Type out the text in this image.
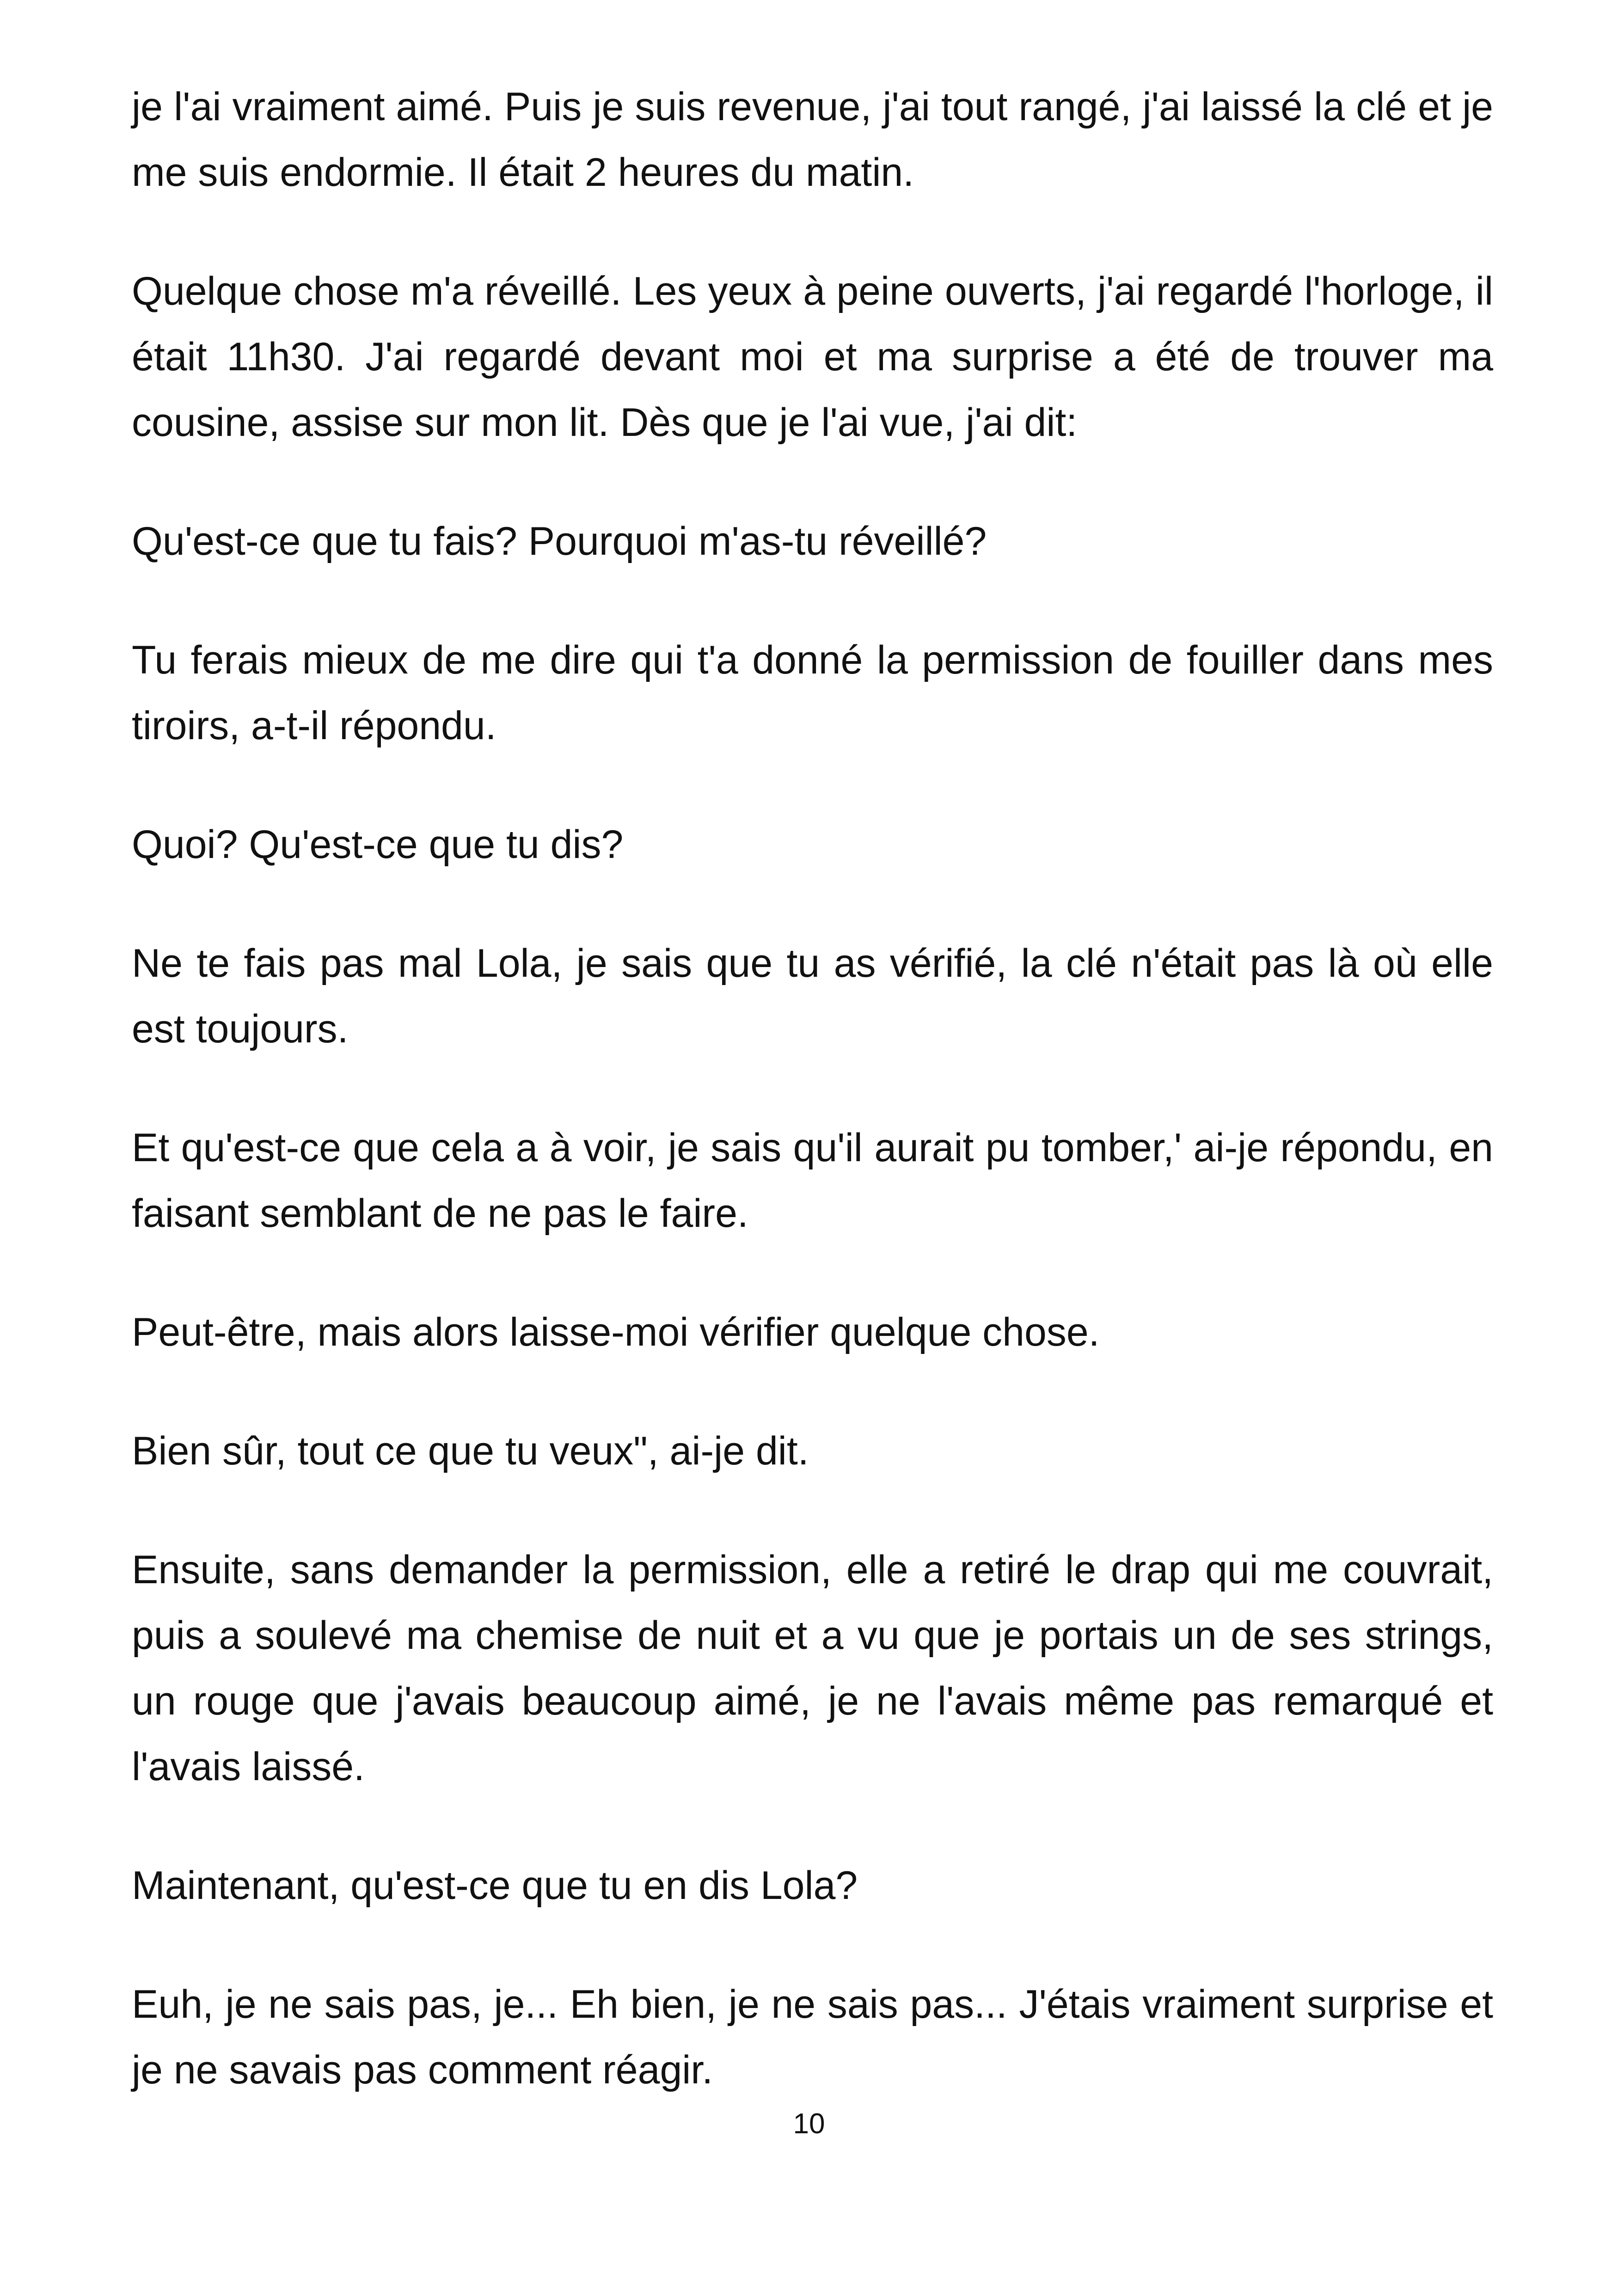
je l'ai vraiment aimé. Puis je suis revenue, j'ai tout rangé, j'ai laissé la clé et je me suis endormie. Il était 2 heures du matin.

Quelque chose m'a réveillé. Les yeux à peine ouverts, j'ai regardé l'horloge, il était 11h30. J'ai regardé devant moi et ma surprise a été de trouver ma cousine, assise sur mon lit. Dès que je l'ai vue, j'ai dit:

Qu'est-ce que tu fais? Pourquoi m'as-tu réveillé?

Tu ferais mieux de me dire qui t'a donné la permission de fouiller dans mes tiroirs, a-t-il répondu.

Quoi? Qu'est-ce que tu dis?

Ne te fais pas mal Lola, je sais que tu as vérifié, la clé n'était pas là où elle est toujours.

Et qu'est-ce que cela a à voir, je sais qu'il aurait pu tomber,' ai-je répondu, en faisant semblant de ne pas le faire.

Peut-être, mais alors laisse-moi vérifier quelque chose.

Bien sûr, tout ce que tu veux", ai-je dit.

Ensuite, sans demander la permission, elle a retiré le drap qui me couvrait, puis a soulevé ma chemise de nuit et a vu que je portais un de ses strings, un rouge que j'avais beaucoup aimé, je ne l'avais même pas remarqué et l'avais laissé.

Maintenant, qu'est-ce que tu en dis Lola?

Euh, je ne sais pas, je... Eh bien, je ne sais pas... J'étais vraiment surprise et je ne savais pas comment réagir.

10
